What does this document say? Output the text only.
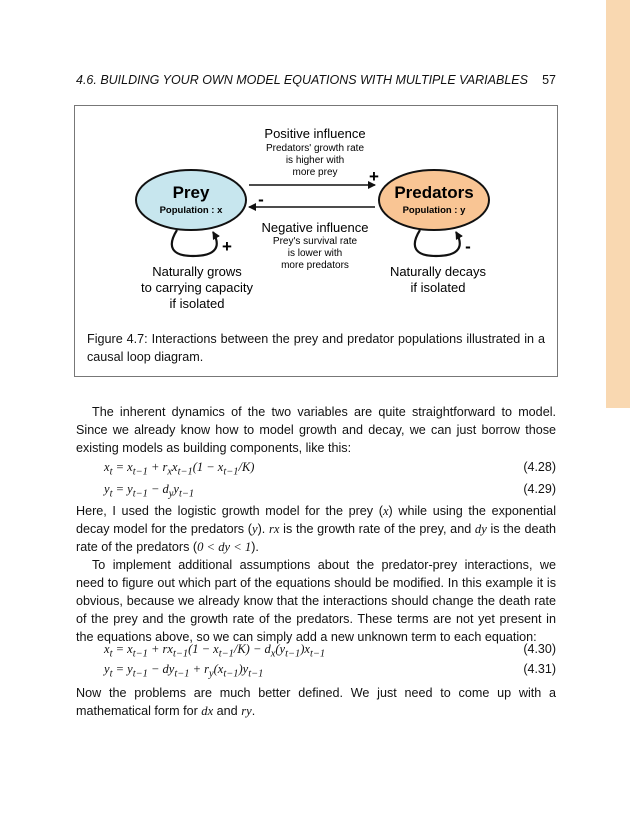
4.6. BUILDING YOUR OWN MODEL EQUATIONS WITH MULTIPLE VARIABLES 57
Prey
Population : x
Predators
Population : y
Positive influence
Predators' growth rate
is higher with
more prey +
-
Negative influence
Prey's survival rate
is lower with
more predators
+	-
Naturally grows
to carrying capacity
if isolated
Naturally decays
if isolated
Figure 4.7: Interactions between the prey and predator populations illustrated in a causal loop diagram.
The inherent dynamics of the two variables are quite straightforward to model. Since we already know how to model growth and decay, we can just borrow those existing models as building components, like this:
$x_t = x_{t-1} + r_xx_{t-1}(1 - x_{t-1}/K)$	(4.28)
$y_t = y_{t-1} - d_yy_{t-1}$	(4.29)
Here, I used the logistic growth model for the prey (x) while using the exponential decay model for the predators (y). rx is the growth rate of the prey, and dy is the death rate of the predators (0 < dy < 1).
To implement additional assumptions about the predator-prey interactions, we need to figure out which part of the equations should be modified. In this example it is obvious, because we already know that the interactions should change the death rate of the prey and the growth rate of the predators. These terms are not yet present in the equations above, so we can simply add a new unknown term to each equation:
$x_t = x_{t-1} + rx_{t-1}(1 - x_{t-1}/K) - d_x(y_{t-1})x_{t-1}$	(4.30)
$y_t = y_{t-1} - dy_{t-1} + r_y(x_{t-1})y_{t-1}$	(4.31)
Now the problems are much better defined. We just need to come up with a mathematical form for dx and ry.
